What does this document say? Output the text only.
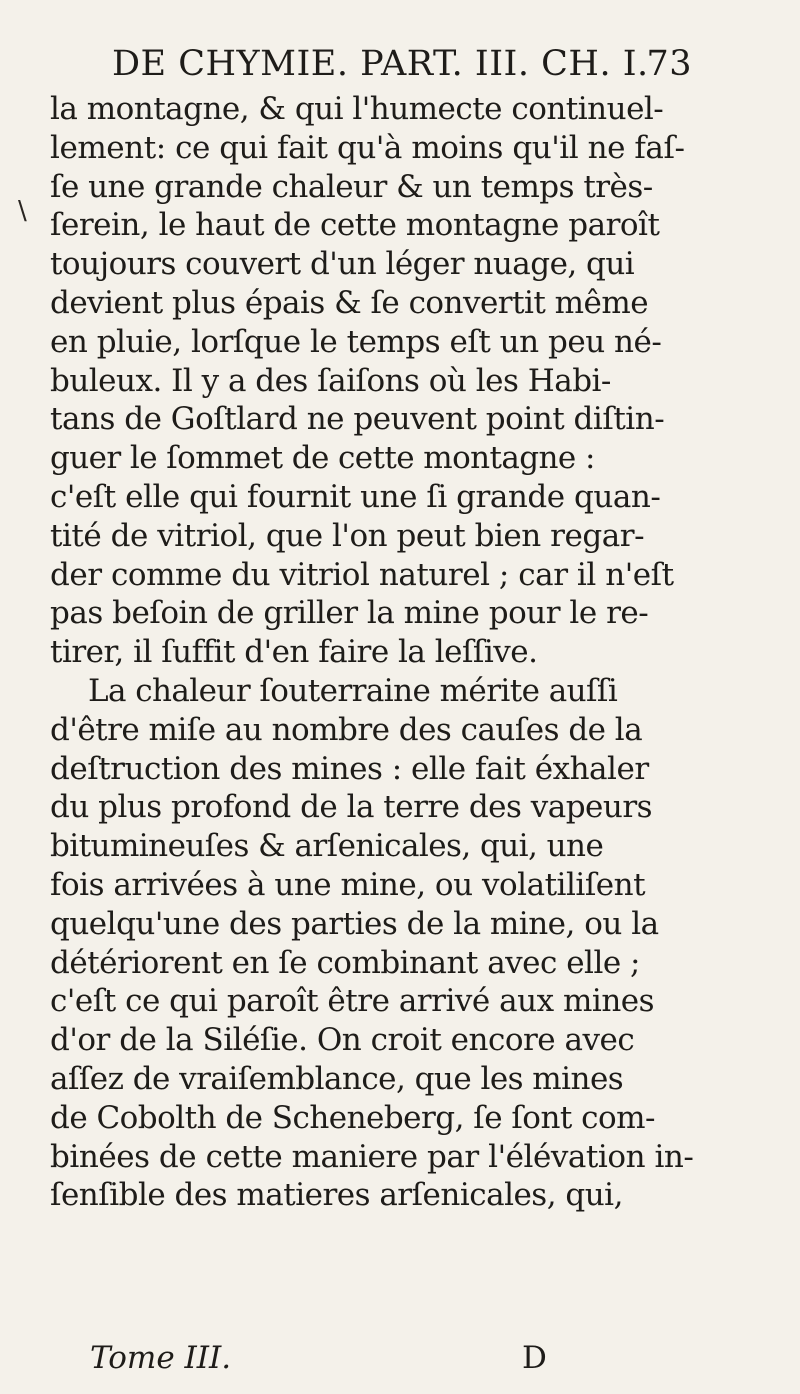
DE CHYMIE. PART. III. CH. I.
73
\
la montagne, & qui l'humecte continuel-
lement: ce qui fait qu'à moins qu'il ne faſ-
ſe une grande chaleur & un temps très-
ſerein, le haut de cette montagne paroît
toujours couvert d'un léger nuage, qui
devient plus épais & ſe convertit même
en pluie, lorſque le temps eſt un peu né-
buleux. Il y a des ſaiſons où les Habi-
tans de Goſtlard ne peuvent point diſtin-
guer le ſommet de cette montagne :
c'eſt elle qui fournit une ſi grande quan-
tité de vitriol, que l'on peut bien regar-
der comme du vitriol naturel ; car il n'eſt
pas beſoin de griller la mine pour le re-
tirer, il ſuffit d'en faire la leſſive.
La chaleur ſouterraine mérite auſſi
d'être miſe au nombre des cauſes de la
deſtruction des mines : elle fait éxhaler
du plus profond de la terre des vapeurs
bitumineuſes & arſenicales, qui, une
fois arrivées à une mine, ou volatiliſent
quelqu'une des parties de la mine, ou la
détériorent en ſe combinant avec elle ;
c'eſt ce qui paroît être arrivé aux mines
d'or de la Siléſie. On croit encore avec
aſſez de vraiſemblance, que les mines
de Cobolth de Scheneberg, ſe ſont com-
binées de cette maniere par l'élévation in-
ſenſible des matieres arſenicales, qui,
Tome III.	D
